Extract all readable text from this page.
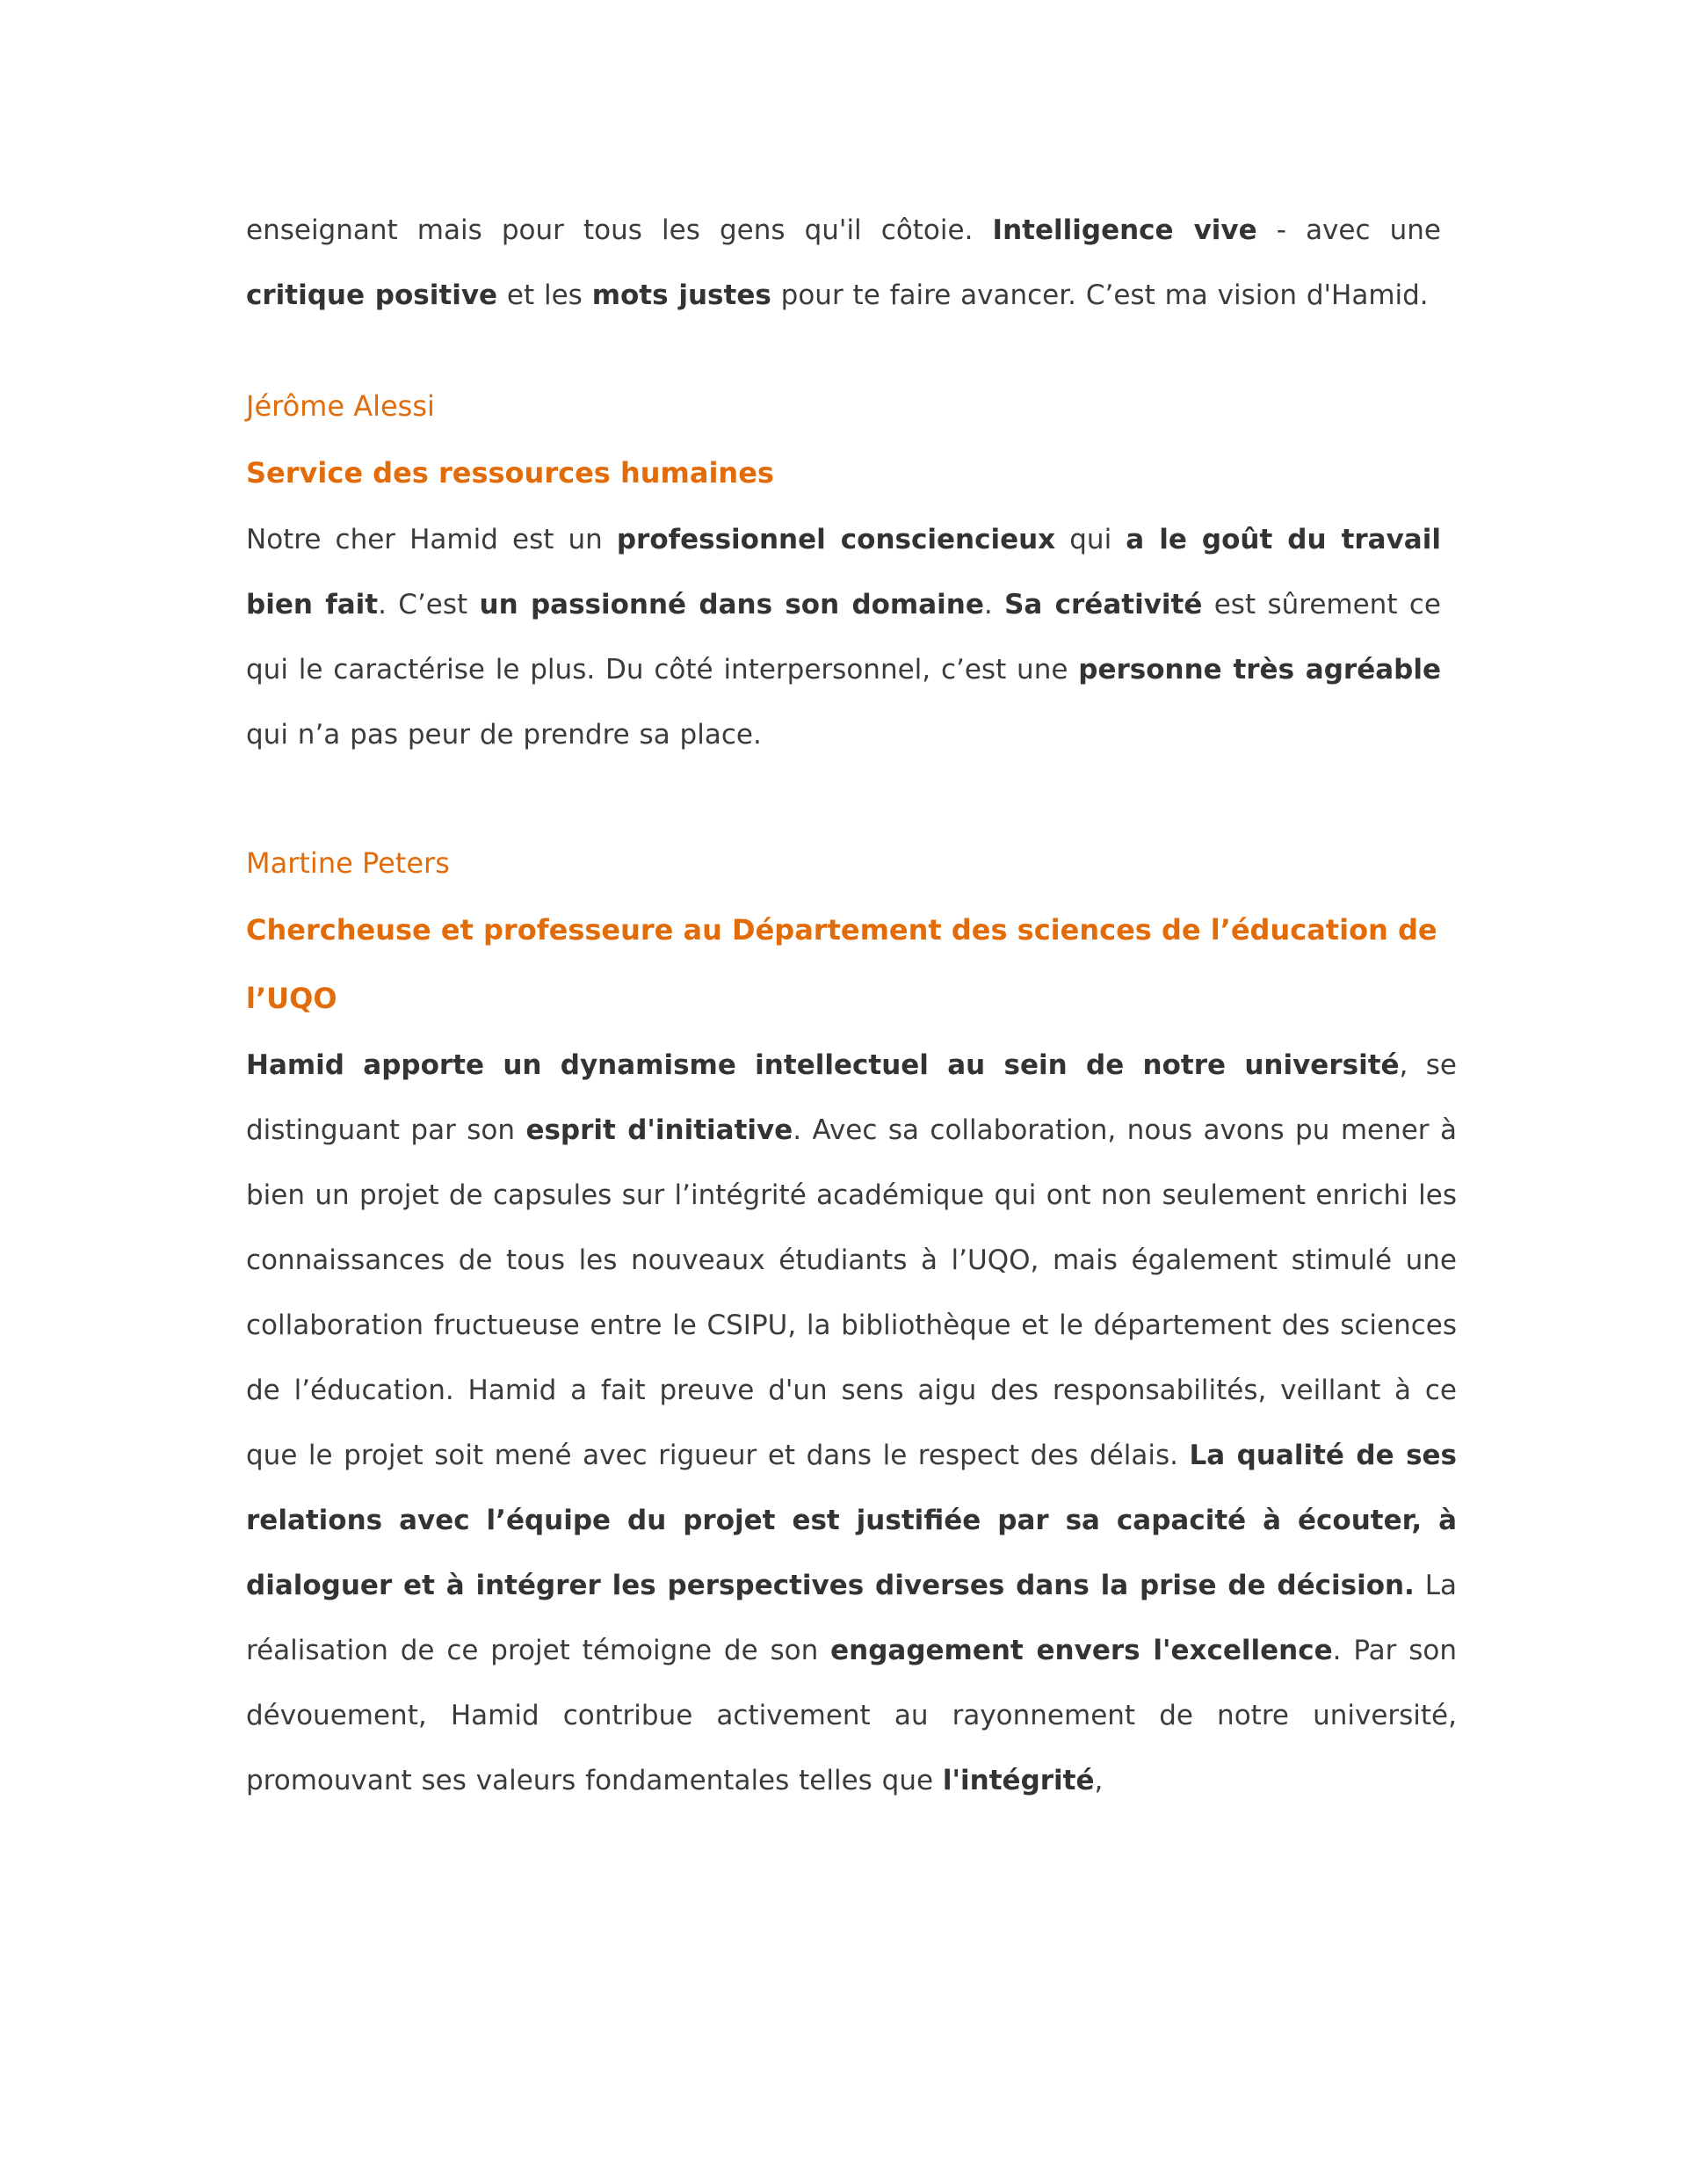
enseignant mais pour tous les gens qu'il côtoie. Intelligence vive - avec une critique positive et les mots justes pour te faire avancer. C’est ma vision d'Hamid.

Jérôme Alessi

Service des ressources humaines

Notre cher Hamid est un professionnel consciencieux qui a le goût du travail bien fait. C’est un passionné dans son domaine. Sa créativité est sûrement ce qui le caractérise le plus. Du côté interpersonnel, c’est une personne très agréable qui n’a pas peur de prendre sa place.

Martine Peters

Chercheuse et professeure au Département des sciences de l’éducation de l’UQO

Hamid apporte un dynamisme intellectuel au sein de notre université, se distinguant par son esprit d'initiative. Avec sa collaboration, nous avons pu mener à bien un projet de capsules sur l’intégrité académique qui ont non seulement enrichi les connaissances de tous les nouveaux étudiants à l’UQO, mais également stimulé une collaboration fructueuse entre le CSIPU, la bibliothèque et le département des sciences de l’éducation. Hamid a fait preuve d'un sens aigu des responsabilités, veillant à ce que le projet soit mené avec rigueur et dans le respect des délais. La qualité de ses relations avec l’équipe du projet est justifiée par sa capacité à écouter, à dialoguer et à intégrer les perspectives diverses dans la prise de décision. La réalisation de ce projet témoigne de son engagement envers l'excellence. Par son dévouement, Hamid contribue activement au rayonnement de notre université, promouvant ses valeurs fondamentales telles que l'intégrité,
